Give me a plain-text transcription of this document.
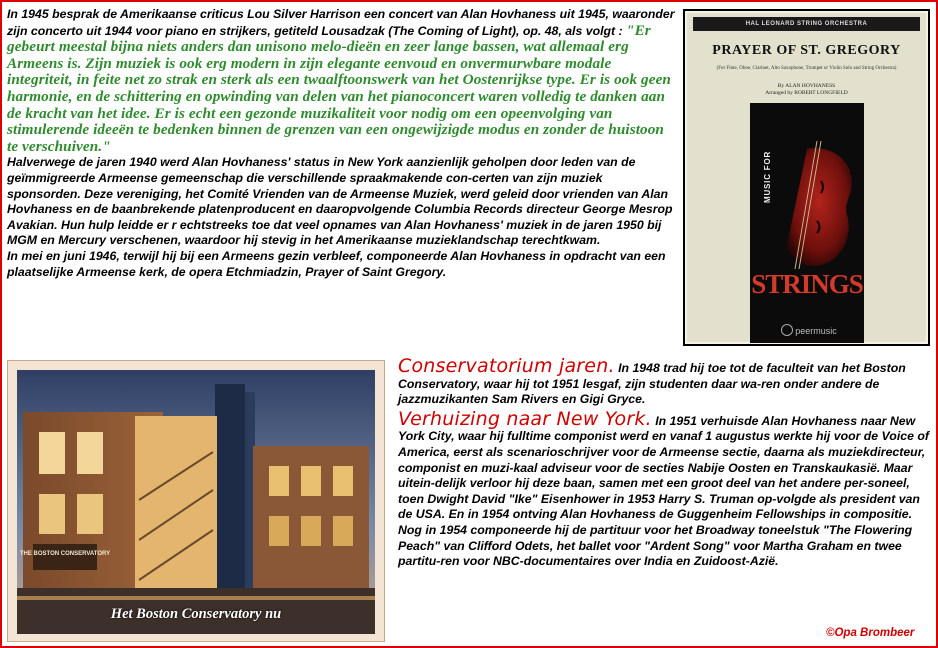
In 1945 besprak de Amerikaanse criticus Lou Silver Harrison een concert van Alan Hovhaness uit 1945, waaronder zijn concerto uit 1944 voor piano en strijkers, getiteld Lousadzak (The Coming of Light), op. 48, als volgt : "Er gebeurt meestal bijna niets anders dan unisono melo-dieën en zeer lange bassen, wat allemaal erg Armeens is. Zijn muziek is ook erg modern in zijn elegante eenvoud en onvermurwbare modale integriteit, in feite net zo strak en sterk als een twaalftoonswerk van het Oostenrijkse type. Er is ook geen harmonie, en de schittering en opwinding van delen van het pianoconcert waren volledig te danken aan de kracht van het idee. Er is echt een gezonde muzikaliteit voor nodig om een opeenvolging van stimulerende ideeën te bedenken binnen de grenzen van een ongewijzigde modus en zonder de huistoon te verschuiven."
Halverwege de jaren 1940 werd Alan Hovhaness' status in New York aanzienlijk geholpen door leden van de geïmmigreerde Armeense gemeenschap die verschillende spraakmakende con-certen van zijn muziek sponsorden. Deze vereniging, het Comité Vrienden van de Armeense Muziek, werd geleid door vrienden van Alan Hovhaness en de baanbrekende platenproducent en daaropvolgende Columbia Records directeur George Mesrop Avakian. Hun hulp leidde er r echtstreeks toe dat veel opnames van Alan Hovhaness' muziek in de jaren 1950 bij MGM en Mercury verschenen, waardoor hij stevig in het Amerikaanse muzieklandschap terechtkwam.
In mei en juni 1946, terwijl hij bij een Armeens gezin verbleef, componeerde Alan Hovhaness in opdracht van een plaatselijke Armeense kerk, de opera Etchmiadzin, Prayer of Saint Gregory.
HAL LEONARD STRING ORCHESTRA
PRAYER OF ST. GREGORY
(For Flute, Oboe, Clarinet, Alto Saxophone, Trumpet or Violin Solo and String Orchestra)
By ALAN HOVHANESS
Arranged by ROBERT LONGFIELD
MUSIC FOR
STRINGS
peermusic
THE BOSTON CONSERVATORY
Het Boston Conservatory nu

Conservatorium jaren. In 1948 trad hij toe tot de faculteit van het Boston Conservatory, waar hij tot 1951 lesgaf, zijn studenten daar wa-ren onder andere de jazzmuzikanten Sam Rivers en Gigi Gryce.

Verhuizing naar New York. In 1951 verhuisde Alan Hovhaness naar New York City, waar hij fulltime componist werd en vanaf 1 augustus werkte hij voor de Voice of America, eerst als scenarioschrijver voor de Armeense sectie, daarna als muziekdirecteur, componist en muzi-kaal adviseur voor de secties Nabije Oosten en Transkaukasië. Maar uitein-delijk verloor hij deze baan, samen met een groot deel van het andere per-soneel, toen Dwight David "Ike" Eisenhower in 1953 Harry S. Truman op-volgde als president van de USA. En in 1954 ontving Alan Hovhaness de Guggenheim Fellowships in compositie. Nog in 1954 componeerde hij de partituur voor het Broadway toneelstuk "The Flowering Peach" van Clifford Odets, het ballet voor "Ardent Song" voor Martha Graham en twee partitu-ren voor NBC-documentaires over India en Zuidoost-Azië.

©Opa Brombeer
